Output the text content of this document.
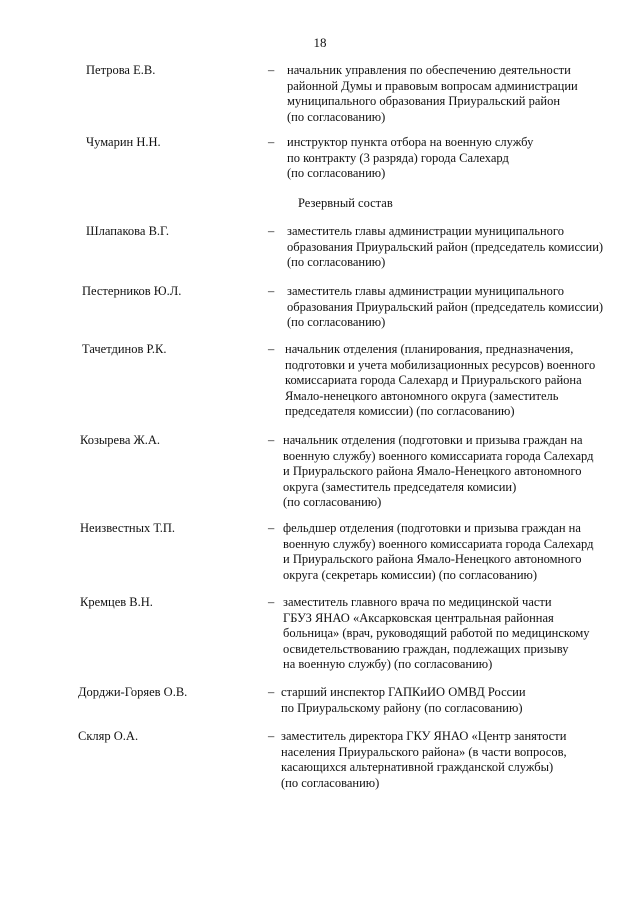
18
Петрова Е.В.	– начальник управления по обеспечению деятельности
районной Думы и правовым вопросам администрации
муниципального образования Приуральский район
(по согласованию)
Чумарин Н.Н.	– инструктор пункта отбора на военную службу
по контракту (3 разряда) города Салехард
(по согласованию)
Резервный состав
Шлапакова В.Г.	– заместитель главы администрации муниципального
образования Приуральский район (председатель комиссии)
(по согласованию)
Пестерников Ю.Л.	– заместитель главы администрации муниципального
образования Приуральский район (председатель комиссии)
(по согласованию)
Тачетдинов Р.К.	– начальник отделения (планирования, предназначения,
подготовки и учета мобилизационных ресурсов) военного
комиссариата города Салехард и Приуральского района
Ямало-ненецкого автономного округа (заместитель
председателя комиссии) (по согласованию)
Козырева Ж.А.	– начальник отделения (подготовки и призыва граждан на
военную службу) военного комиссариата города Салехард
и Приуральского района Ямало-Ненецкого автономного
округа (заместитель председателя комисии)
(по согласованию)
Неизвестных Т.П.	– фельдшер отделения (подготовки и призыва граждан на
военную службу) военного комиссариата города Салехард
и Приуральского района Ямало-Ненецкого автономного
округа (секретарь комиссии) (по согласованию)
Кремцев В.Н.	– заместитель главного врача по медицинской части
ГБУЗ ЯНАО «Аксарковская центральная районная
больница» (врач, руководящий работой по медицинскому
освидетельствованию граждан, подлежащих призыву
на военную службу) (по согласованию)
Дорджи-Горяев О.В.	– старший инспектор ГАПКиИО ОМВД России
по Приуральскому району (по согласованию)
Скляр О.А.	– заместитель директора ГКУ ЯНАО «Центр занятости
населения Приуральского района» (в части вопросов,
касающихся альтернативной гражданской службы)
(по согласованию)
